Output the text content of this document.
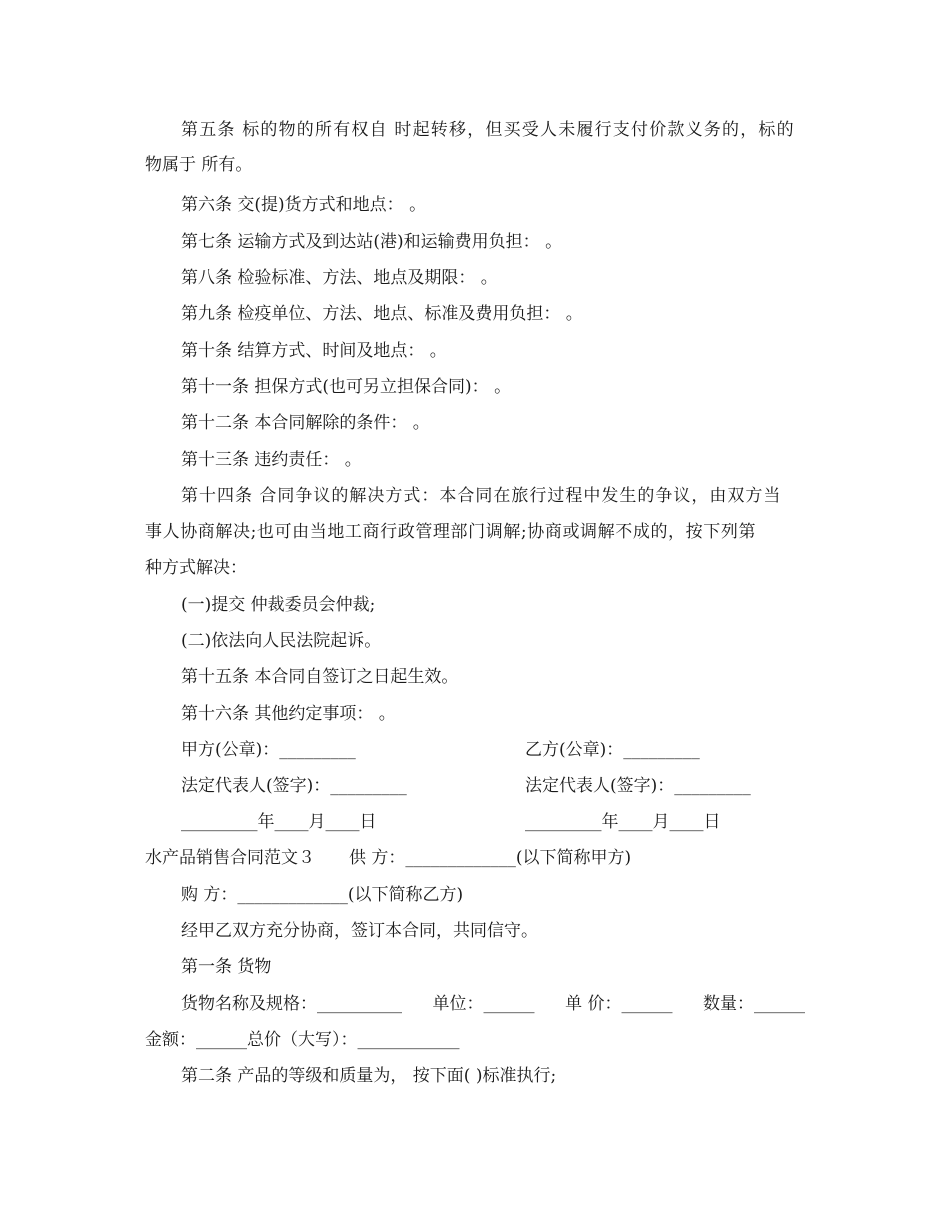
第五条 标的物的所有权自 时起转移，但买受人未履行支付价款义务的，标的
物属于 所有。
第六条 交(提)货方式和地点： 。
第七条 运输方式及到达站(港)和运输费用负担： 。
第八条 检验标准、方法、地点及期限： 。
第九条 检疫单位、方法、地点、标准及费用负担： 。
第十条 结算方式、时间及地点： 。
第十一条 担保方式(也可另立担保合同)： 。
第十二条 本合同解除的条件： 。
第十三条 违约责任： 。
第十四条 合同争议的解决方式：本合同在旅行过程中发生的争议，由双方当
事人协商解决;也可由当地工商行政管理部门调解;协商或调解不成的，按下列第
种方式解决：
(一)提交 仲裁委员会仲裁;
(二)依法向人民法院起诉。
第十五条 本合同自签订之日起生效。
第十六条 其他约定事项： 。
甲方(公章)：_________	乙方(公章)：_________
法定代表人(签字)：_________	法定代表人(签字)：_________
_________年____月____日	_________年____月____日
水产品销售合同范文３ 供 方：_____________(以下简称甲方)
购 方：_____________(以下简称乙方)
经甲乙双方充分协商，签订本合同，共同信守。
第一条 货物
货物名称及规格：__________ 单位：______ 单 价：______ 数量：______
金额：______总价（大写）：____________
第二条 产品的等级和质量为， 按下面( )标准执行;
